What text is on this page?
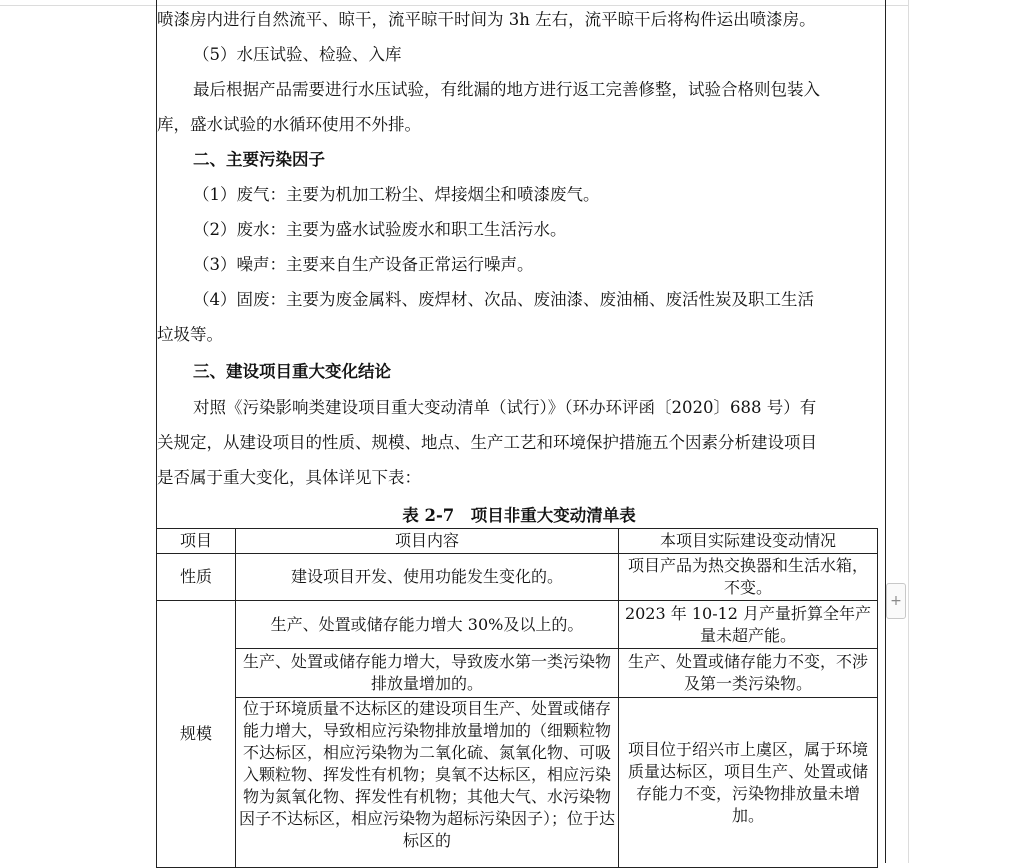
喷漆房内进行自然流平、晾干，流平晾干时间为 3h 左右，流平晾干后将构件运出喷漆房。
（5）水压试验、检验、入库
最后根据产品需要进行水压试验，有纰漏的地方进行返工完善修整，试验合格则包装入
库，盛水试验的水循环使用不外排。
二、主要污染因子
（1）废气：主要为机加工粉尘、焊接烟尘和喷漆废气。
（2）废水：主要为盛水试验废水和职工生活污水。
（3）噪声：主要来自生产设备正常运行噪声。
（4）固废：主要为废金属料、废焊材、次品、废油漆、废油桶、废活性炭及职工生活
垃圾等。
三、建设项目重大变化结论
对照《污染影响类建设项目重大变动清单（试行）》（环办环评函〔2020〕688 号）有
关规定，从建设项目的性质、规模、地点、生产工艺和环境保护措施五个因素分析建设项目
是否属于重大变化，具体详见下表：
表 2-7　项目非重大变动清单表
项目	项目内容	本项目实际建设变动情况
性质	建设项目开发、使用功能发生变化的。	项目产品为热交换器和生活水箱，不变。
规模	生产、处置或储存能力增大 30%及以上的。	2023 年 10-12 月产量折算全年产量未超产能。
	生产、处置或储存能力增大，导致废水第一类污染物排放量增加的。	生产、处置或储存能力不变，不涉及第一类污染物。
	位于环境质量不达标区的建设项目生产、处置或储存能力增大，导致相应污染物排放量增加的（细颗粒物不达标区，相应污染物为二氧化硫、氮氧化物、可吸入颗粒物、挥发性有机物；臭氧不达标区，相应污染物为氮氧化物、挥发性有机物；其他大气、水污染物因子不达标区，相应污染物为超标污染因子）；位于达标区的	项目位于绍兴市上虞区，属于环境质量达标区，项目生产、处置或储存能力不变，污染物排放量未增加。
+
